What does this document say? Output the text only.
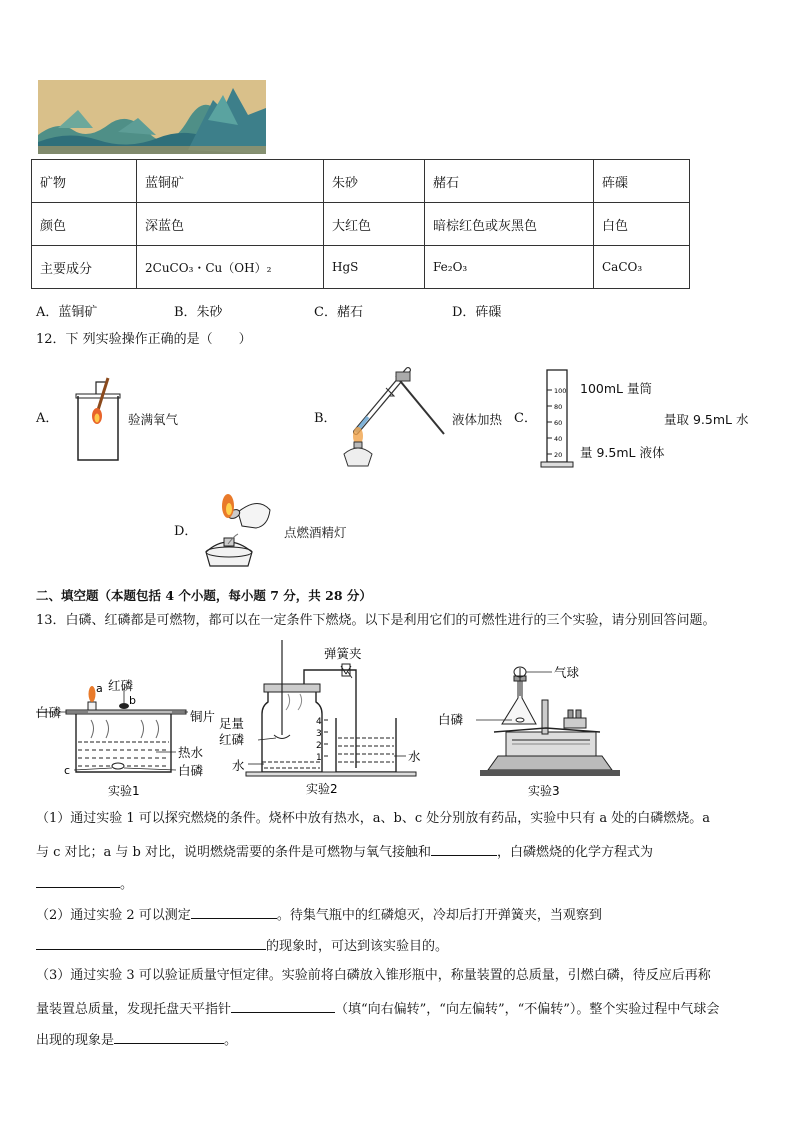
矿物	蓝铜矿	朱砂	赭石	砗磲
颜色	深蓝色	大红色	暗棕红色或灰黑色	白色
主要成分	2CuCO₃・Cu（OH）₂	HgS	Fe₂O₃	CaCO₃
A．蓝铜矿	B．朱砂	C．赭石	D．砗磲
12．下 列实验操作正确的是（　　）
A．	验满氧气	B．	液体加热 C．
100
80
60
40
20
100mL 量筒
量取 9.5mL 水
量 9.5mL 液体
D．	点燃酒精灯
二、填空题（本题包括 4 个小题，每小题 7 分，共 28 分）
13．白磷、红磷都是可燃物，都可以在一定条件下燃烧。以下是利用它们的可燃性进行的三个实验，请分别回答问题。
a
b
c
红磷
白磷	铜片
热水
白磷
实验1
4
3
2
1
弹簧夹
足量
红磷
水
水
实验2
气球
白磷
实验3
（1）通过实验 1 可以探究燃烧的条件。烧杯中放有热水，a、b、c 处分别放有药品，实验中只有 a 处的白磷燃烧。a
与 c 对比；a 与 b 对比，说明燃烧需要的条件是可燃物与氧气接触和	，白磷燃烧的化学方程式为
。
（2）通过实验 2 可以测定	。待集气瓶中的红磷熄灭，冷却后打开弹簧夹，当观察到
的现象时，可达到该实验目的。
（3）通过实验 3 可以验证质量守恒定律。实验前将白磷放入锥形瓶中，称量装置的总质量，引燃白磷，待反应后再称
量装置总质量，发现托盘天平指针	（填“向右偏转”，“向左偏转”，“不偏转”）。整个实验过程中气球会
出现的现象是	。
